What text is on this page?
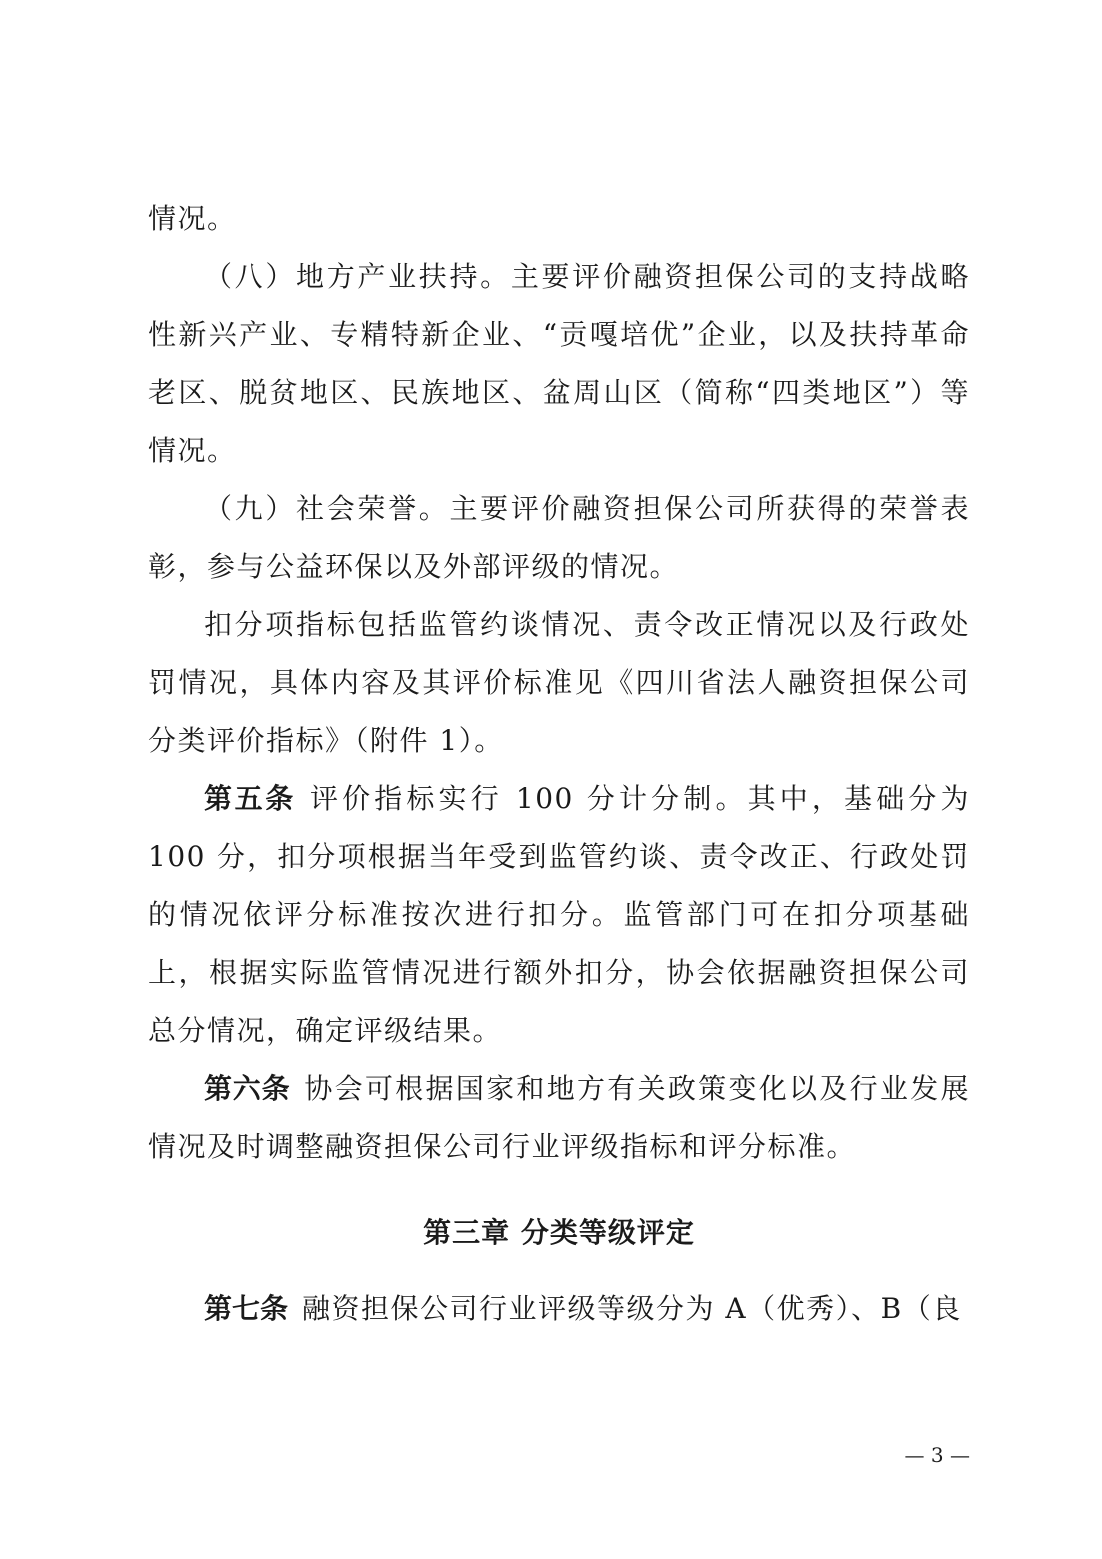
情况。

（八）地方产业扶持。主要评价融资担保公司的支持战略性新兴产业、专精特新企业、“贡嘎培优”企业，以及扶持革命老区、脱贫地区、民族地区、盆周山区（简称“四类地区”）等情况。

（九）社会荣誉。主要评价融资担保公司所获得的荣誉表彰，参与公益环保以及外部评级的情况。

扣分项指标包括监管约谈情况、责令改正情况以及行政处罚情况，具体内容及其评价标准见《四川省法人融资担保公司分类评价指标》（附件 1）。

第五条 评价指标实行 100 分计分制。其中，基础分为 100 分，扣分项根据当年受到监管约谈、责令改正、行政处罚的情况依评分标准按次进行扣分。监管部门可在扣分项基础上，根据实际监管情况进行额外扣分，协会依据融资担保公司总分情况，确定评级结果。

第六条 协会可根据国家和地方有关政策变化以及行业发展情况及时调整融资担保公司行业评级指标和评分标准。

第三章 分类等级评定

第七条 融资担保公司行业评级等级分为 A（优秀）、B（良

— 3 —
